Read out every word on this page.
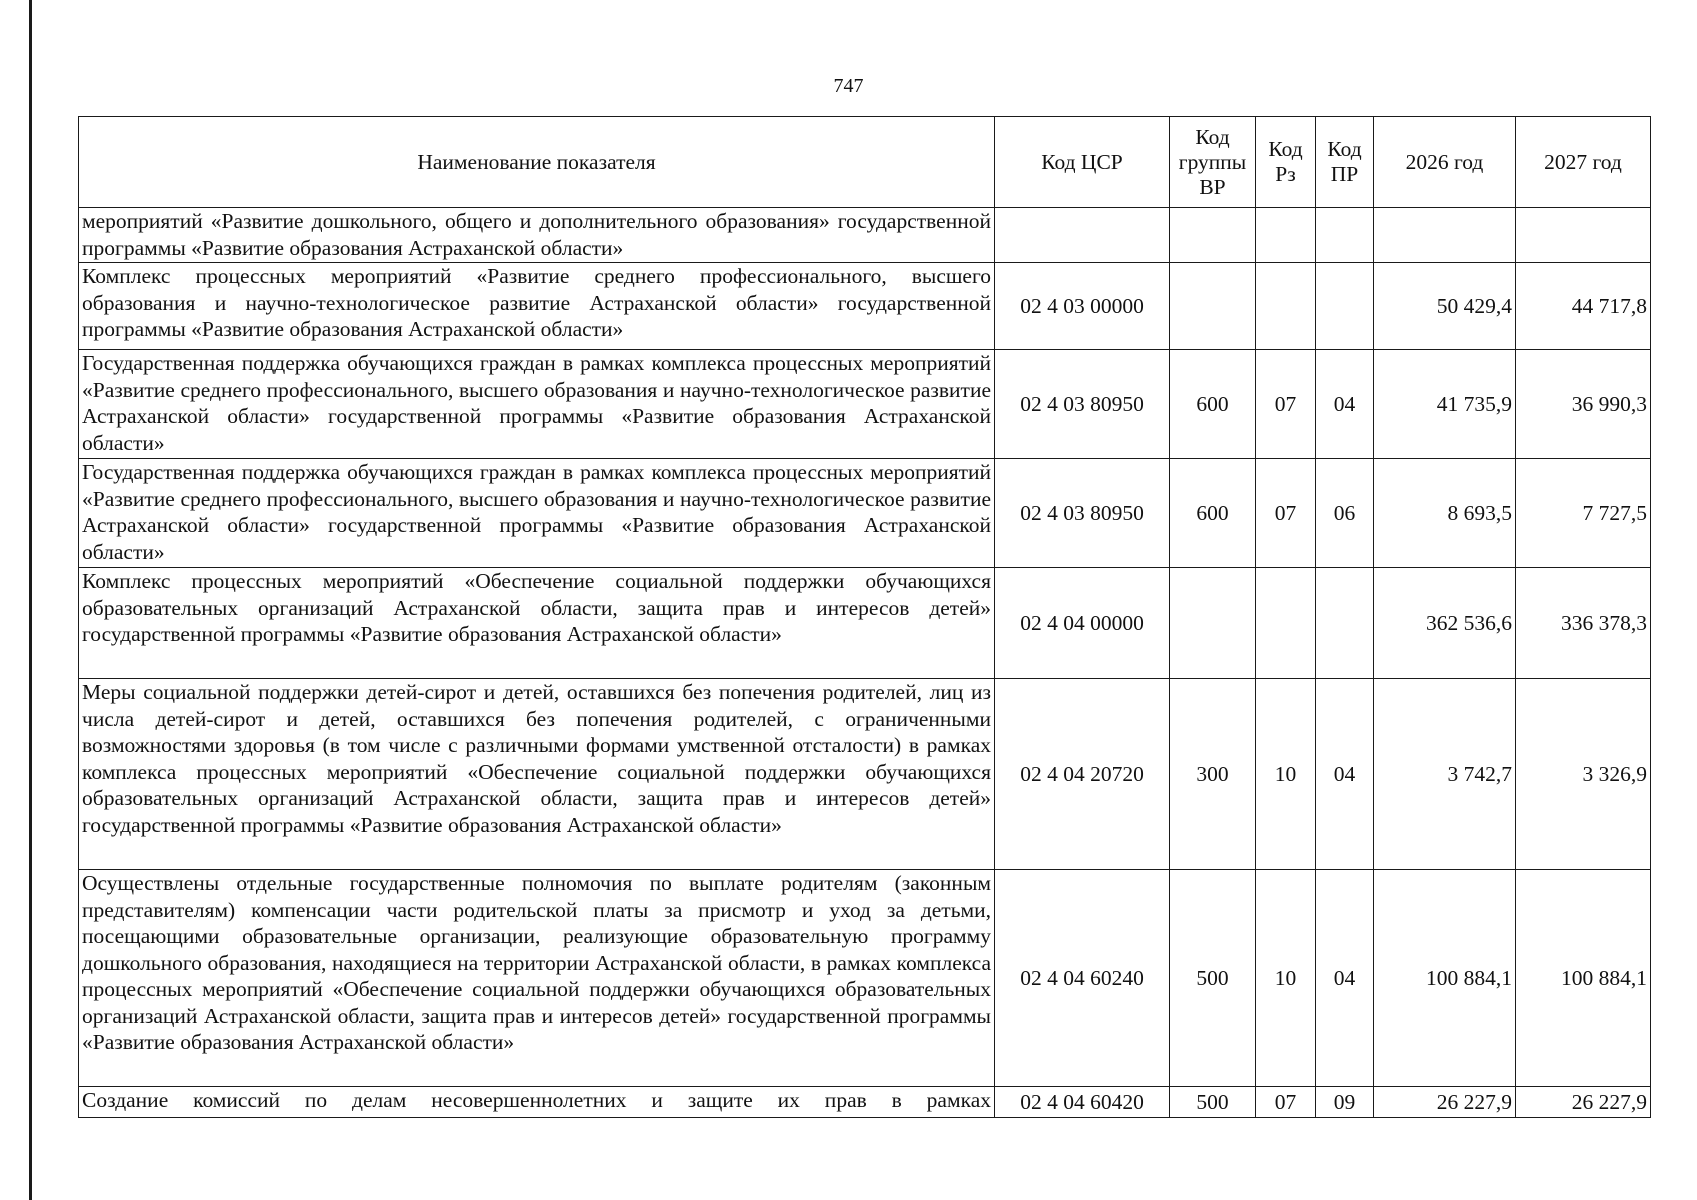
747
Наименование показателя	Код ЦСР	Код группы ВР	Код Рз	Код ПР	2026 год	2027 год
мероприятий «Развитие дошкольного, общего и дополнительного образования» государственной программы «Развитие образования Астраханской области»						
Комплекс процессных мероприятий «Развитие среднего профессионального, высшего образования и научно-технологическое развитие Астраханской области» государственной программы «Развитие образования Астраханской области»	02 4 03 00000				50 429,4	44 717,8
Государственная поддержка обучающихся граждан в рамках комплекса процессных мероприятий «Развитие среднего профессионального, высшего образования и научно-технологическое развитие Астраханской области» государственной программы «Развитие образования Астраханской области»	02 4 03 80950	600	07	04	41 735,9	36 990,3
Государственная поддержка обучающихся граждан в рамках комплекса процессных мероприятий «Развитие среднего профессионального, высшего образования и научно-технологическое развитие Астраханской области» государственной программы «Развитие образования Астраханской области»	02 4 03 80950	600	07	06	8 693,5	7 727,5
Комплекс процессных мероприятий «Обеспечение социальной поддержки обучающихся образовательных организаций Астраханской области, защита прав и интересов детей» государственной программы «Развитие образования Астраханской области»	02 4 04 00000				362 536,6	336 378,3
Меры социальной поддержки детей-сирот и детей, оставшихся без попечения родителей, лиц из числа детей-сирот и детей, оставшихся без попечения родителей, с ограниченными возможностями здоровья (в том числе с различными формами умственной отсталости) в рамках комплекса процессных мероприятий «Обеспечение социальной поддержки обучающихся образовательных организаций Астраханской области, защита прав и интересов детей» государственной программы «Развитие образования Астраханской области»	02 4 04 20720	300	10	04	3 742,7	3 326,9
Осуществлены отдельные государственные полномочия по выплате родителям (законным представителям) компенсации части родительской платы за присмотр и уход за детьми, посещающими образовательные организации, реализующие образовательную программу дошкольного образования, находящиеся на территории Астраханской области, в рамках комплекса процессных мероприятий «Обеспечение социальной поддержки обучающихся образовательных организаций Астраханской области, защита прав и интересов детей» государственной программы «Развитие образования Астраханской области»	02 4 04 60240	500	10	04	100 884,1	100 884,1
Создание комиссий по делам несовершеннолетних и защите их прав в рамках	02 4 04 60420	500	07	09	26 227,9	26 227,9
